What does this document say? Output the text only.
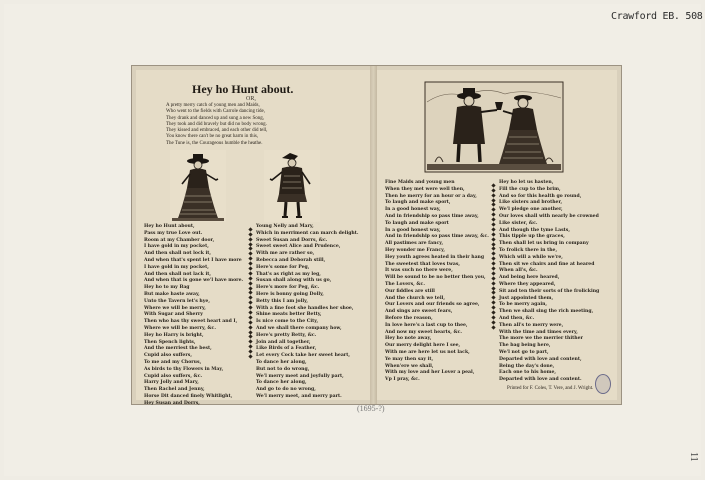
Crawford EB. 508
11
(1695-?)
Hey ho Hunt about.
OR,
A pretty merry catch of young men and Maids,
Who went to the fields with Carrole dancing tide,
They drank and danced up and sung a new Song,
They took and did bravely but did no body wrong.
They kissed and embraced, and each other did tell,
You know there can't be no great harm in this,
The Tune is, the Courageous humble the heathe.
Hey ho Hunt about,
Pass my true Love out.
Room at my Chamber door,
I have gold in my pocket,
And then shall not lock it,
And when that's spent let I have more
I have gold in my pocket,
And then shall not lack it,
And when that is gone we'l have more.
Hey ho to my Bag
But make haste away,
Unto the Tavern let's hye,
Where we will be merry,
With Sugar and Sherry
Then who has thy sweet heart and I,
Where we will be merry, &c.
Hey ho Harry is bright,
Then Spench lights,
And the merriest the best,
Cupid also suffers,
To me and my Chorus,
As birds to thy Flowers in May,
Cupid also suffers, &c.
Harry Jolly and Mary,
Then Rachel and Jenny,
Horse Dit danced finely Whitlight,
Hey Susan and Dorrs,
Young Nelly and Mary,
Which in merriment can march delight.
Sweet Susan and Dorrs, &c.
Sweet sweet Alice and Prudence,
With me are rather so,
Rebecca and Deborah still,
Here's some for Peg,
That's as right as my leg,
Susan shall along with us go,
Here's more for Peg, &c.
Here is bonny going Dolly,
Betty this I am jolly,
With a fine foot she handles her shoe,
Shine meats better Betty,
Is nice come to the City,
And we shall there company how,
Here's pretty Betty, &c.
Join and all together,
Like Birds of a Feather,
Let every Cock take her sweet heart,
To dance her along,
But not to do wrong,
We'l merry meet and joyfully part,
To dance her along,
And go to do no wrong,
We'l merry meet, and merry part.
Fine Maids and young men
When they met were well then,
Then he merry for an hour or a day,
To laugh and make sport,
In a good honest way,
And in friendship so pass time away,
To laugh and make sport
In a good honest way,
And in friendship so pass time away, &c.
All pastimes are fancy,
Hey wonder me Francy,
Hey youth agrees heated in their hang
The sweetest that loves twas,
It was such no there were,
Will be sound to be no better then you,
The Lovers, &c.
Our fiddles are still
And the church we tell,
Our Lovers and our friends so agree,
And sings are sweet fears,
Before the reason,
In love here's a last cup to thee,
And now my sweet hearts, &c.
Hey ho note away,
Our merry delight here I see,
With me are here let us not lack,
Ye may then say it,
When'ere we shall,
With my love and her Lover a peal,
Vp I pray, &c.
Hey ho let us hasten,
Fill the cup to the brim,
And so for this health go round,
Like sisters and brother,
We'l pledge one another,
Our loves shall with nearly be crowned
Like sister, &c.
And though the tyme Lasts,
This tipple up the graces,
Then shall let us bring in company
To frolick there in the,
Which will a while we're,
Then sit we chairs and fine at heared
When all's, &c.
And being here heared,
Where they appeared,
Sit and ten their sorts of the frolicking
Just appointed them,
To be merry again,
Then we shall sing the rich meeting,
And then, &c.
Then all's to merry were,
With the time and times every,
The more we the merrier thither
The bag being here,
We'l not go to part,
Departed with love and content,
Being the day's done,
Each one to his home,
Departed with love and content.
Printed for F. Coles, T. Vere, and J. Wright.
